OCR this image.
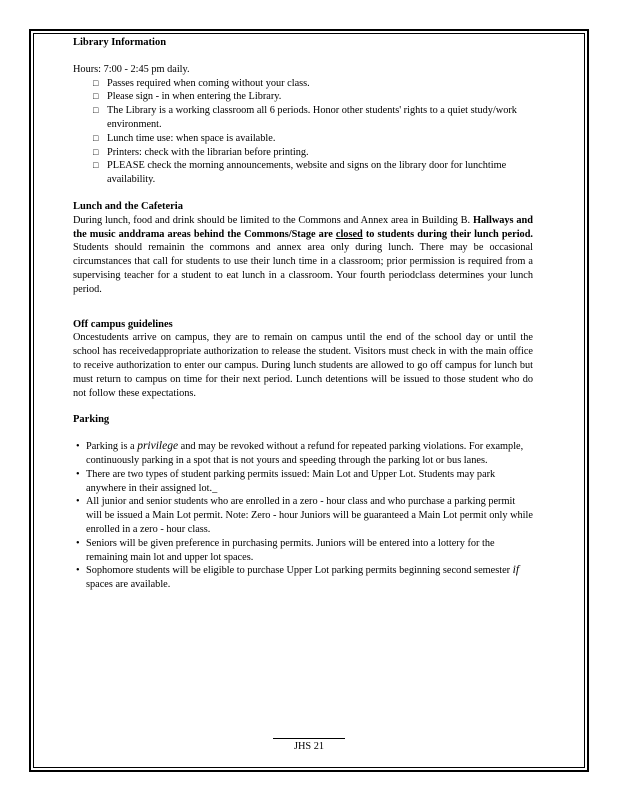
Library Information

Hours: 7:00 - 2:45 pm daily.

□ Passes required when coming without your class.
□ Please sign - in when entering the Library.
□ The Library is a working classroom all 6 periods. Honor other students' rights to a quiet study/work environment.
□ Lunch time use: when space is available.
□ Printers: check with the librarian before printing.
□ PLEASE check the morning announcements, website and signs on the library door for lunchtime availability.

Lunch and the Cafeteria

During lunch, food and drink should be limited to the Commons and Annex area in Building B. Hallways and the music anddrama areas behind the Commons/Stage are closed to students during their lunch period. Students should remainin the commons and annex area only during lunch. There may be occasional circumstances that call for students to use their lunch time in a classroom; prior permission is required from a supervising teacher for a student to eat lunch in a classroom. Your fourth periodclass determines your lunch period.

Off campus guidelines

Oncestudents arrive on campus, they are to remain on campus until the end of the school day or until the school has receivedappropriate authorization to release the student. Visitors must check in with the main office to receive authorization to enter our campus. During lunch students are allowed to go off campus for lunch but must return to campus on time for their next period. Lunch detentions will be issued to those student who do not follow these expectations.

Parking

• Parking is a privilege and may be revoked without a refund for repeated parking violations. For example, continuously parking in a spot that is not yours and speeding through the parking lot or bus lanes.
• There are two types of student parking permits issued: Main Lot and Upper Lot. Students may park anywhere in their assigned lot._
• All junior and senior students who are enrolled in a zero - hour class and who purchase a parking permit will be issued a Main Lot permit. Note: Zero - hour Juniors will be guaranteed a Main Lot permit only while enrolled in a zero - hour class.
• Seniors will be given preference in purchasing permits. Juniors will be entered into a lottery for the remaining main lot and upper lot spaces.
• Sophomore students will be eligible to purchase Upper Lot parking permits beginning second semester if spaces are available.
JHS 21
